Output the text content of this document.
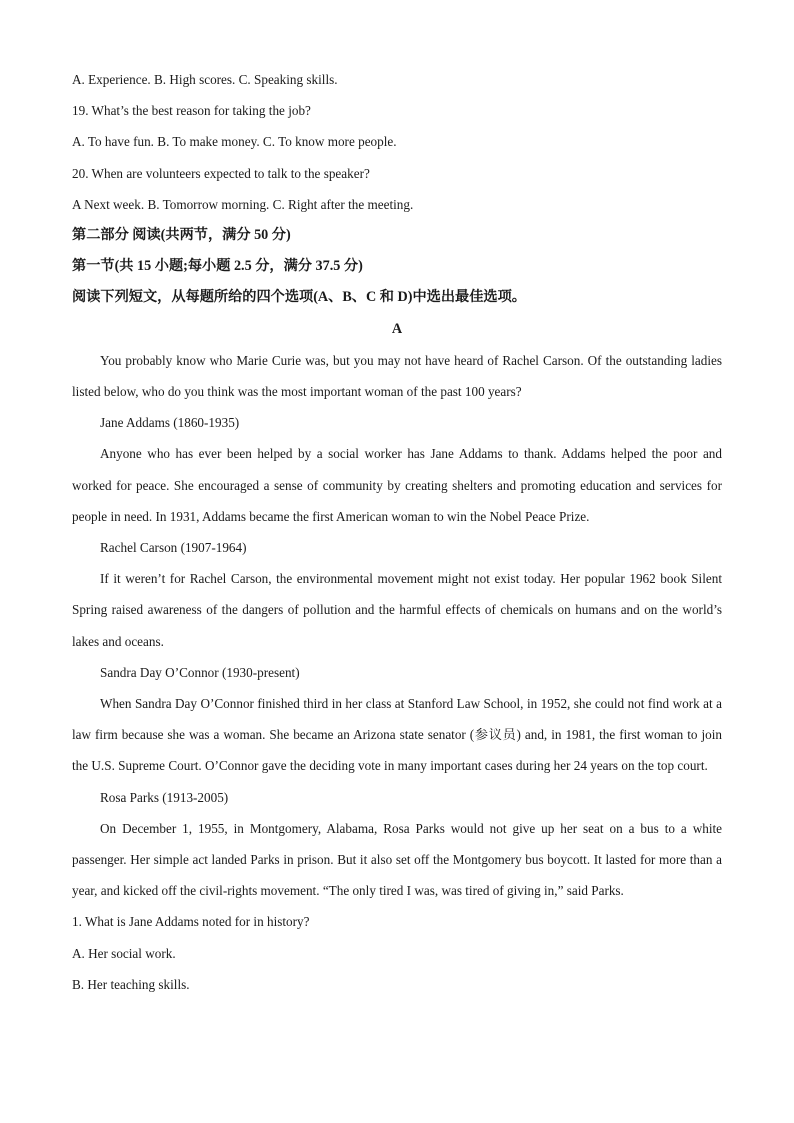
A. Experience. B. High scores. C. Speaking skills.
19. What’s the best reason for taking the job?
A. To have fun. B. To make money. C. To know more people.
20. When are volunteers expected to talk to the speaker?
A Next week. B. Tomorrow morning. C. Right after the meeting.
第二部分 阅读(共两节，满分 50 分)
第一节(共 15 小题;每小题 2.5 分，满分 37.5 分)
阅读下列短文，从每题所给的四个选项(A、B、C 和 D)中选出最佳选项。
A
You probably know who Marie Curie was, but you may not have heard of Rachel Carson. Of the outstanding ladies listed below, who do you think was the most important woman of the past 100 years?
Jane Addams (1860-1935)
Anyone who has ever been helped by a social worker has Jane Addams to thank. Addams helped the poor and worked for peace. She encouraged a sense of community by creating shelters and promoting education and services for people in need. In 1931, Addams became the first American woman to win the Nobel Peace Prize.
Rachel Carson (1907-1964)
If it weren’t for Rachel Carson, the environmental movement might not exist today. Her popular 1962 book Silent Spring raised awareness of the dangers of pollution and the harmful effects of chemicals on humans and on the world’s lakes and oceans.
Sandra Day O’Connor (1930-present)
When Sandra Day O’Connor finished third in her class at Stanford Law School, in 1952, she could not find work at a law firm because she was a woman. She became an Arizona state senator (参议员) and, in 1981, the first woman to join the U.S. Supreme Court. O’Connor gave the deciding vote in many important cases during her 24 years on the top court.
Rosa Parks (1913-2005)
On December 1, 1955, in Montgomery, Alabama, Rosa Parks would not give up her seat on a bus to a white passenger. Her simple act landed Parks in prison. But it also set off the Montgomery bus boycott. It lasted for more than a year, and kicked off the civil-rights movement. “The only tired I was, was tired of giving in,” said Parks.
1. What is Jane Addams noted for in history?
A. Her social work.
B. Her teaching skills.
